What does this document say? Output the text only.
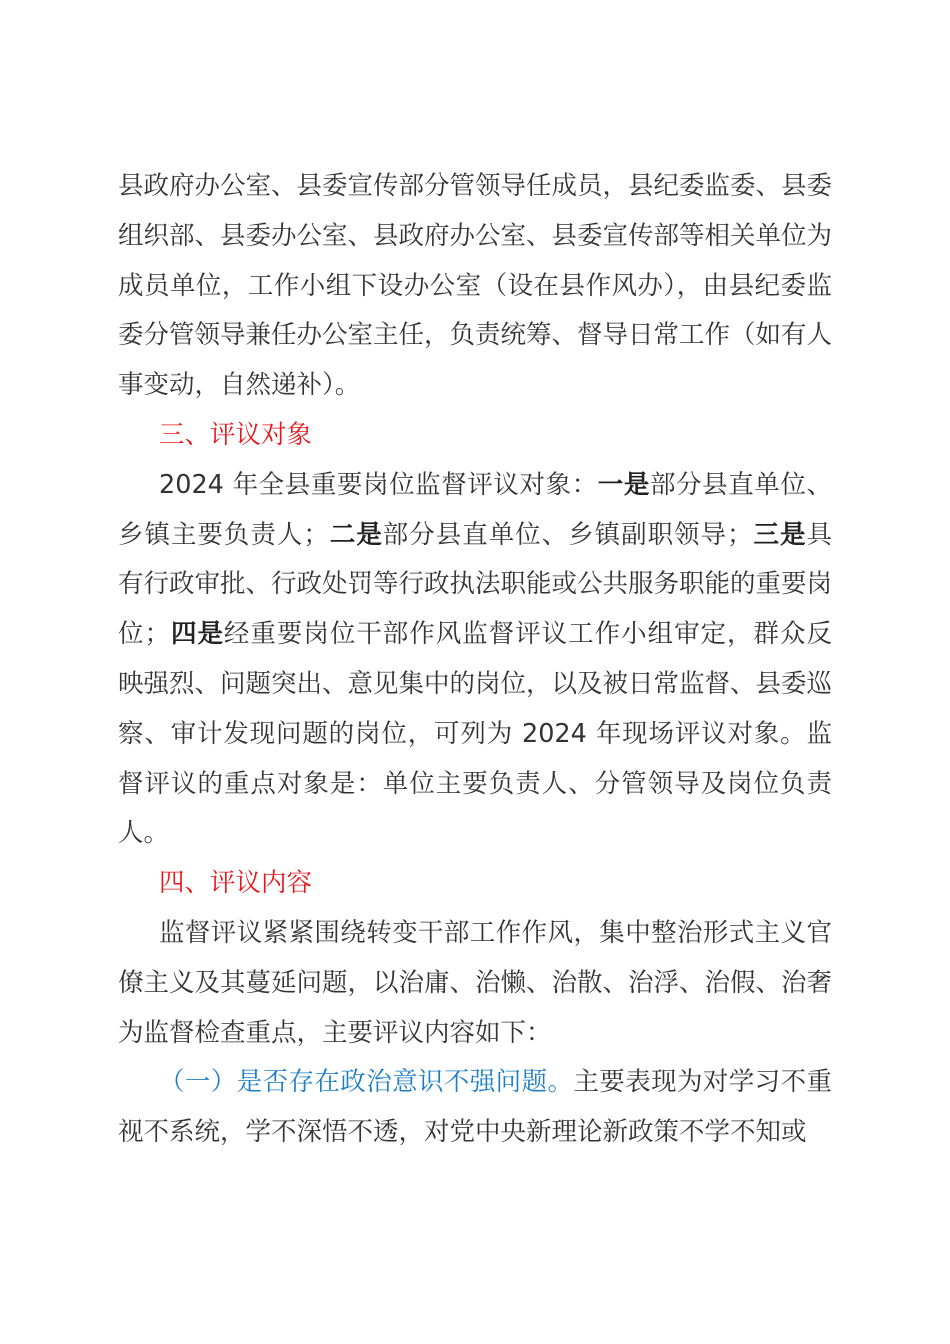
县政府办公室、县委宣传部分管领导任成员，县纪委监委、县委组织部、县委办公室、县政府办公室、县委宣传部等相关单位为成员单位，工作小组下设办公室（设在县作风办），由县纪委监委分管领导兼任办公室主任，负责统筹、督导日常工作（如有人事变动，自然递补）。

三、评议对象

2024 年全县重要岗位监督评议对象：一是部分县直单位、乡镇主要负责人；二是部分县直单位、乡镇副职领导；三是具有行政审批、行政处罚等行政执法职能或公共服务职能的重要岗位；四是经重要岗位干部作风监督评议工作小组审定，群众反映强烈、问题突出、意见集中的岗位，以及被日常监督、县委巡察、审计发现问题的岗位，可列为 2024 年现场评议对象。监督评议的重点对象是：单位主要负责人、分管领导及岗位负责人。

四、评议内容

监督评议紧紧围绕转变干部工作作风，集中整治形式主义官僚主义及其蔓延问题，以治庸、治懒、治散、治浮、治假、治奢为监督检查重点，主要评议内容如下：

（一）是否存在政治意识不强问题。主要表现为对学习不重视不系统，学不深悟不透，对党中央新理论新政策不学不知或
